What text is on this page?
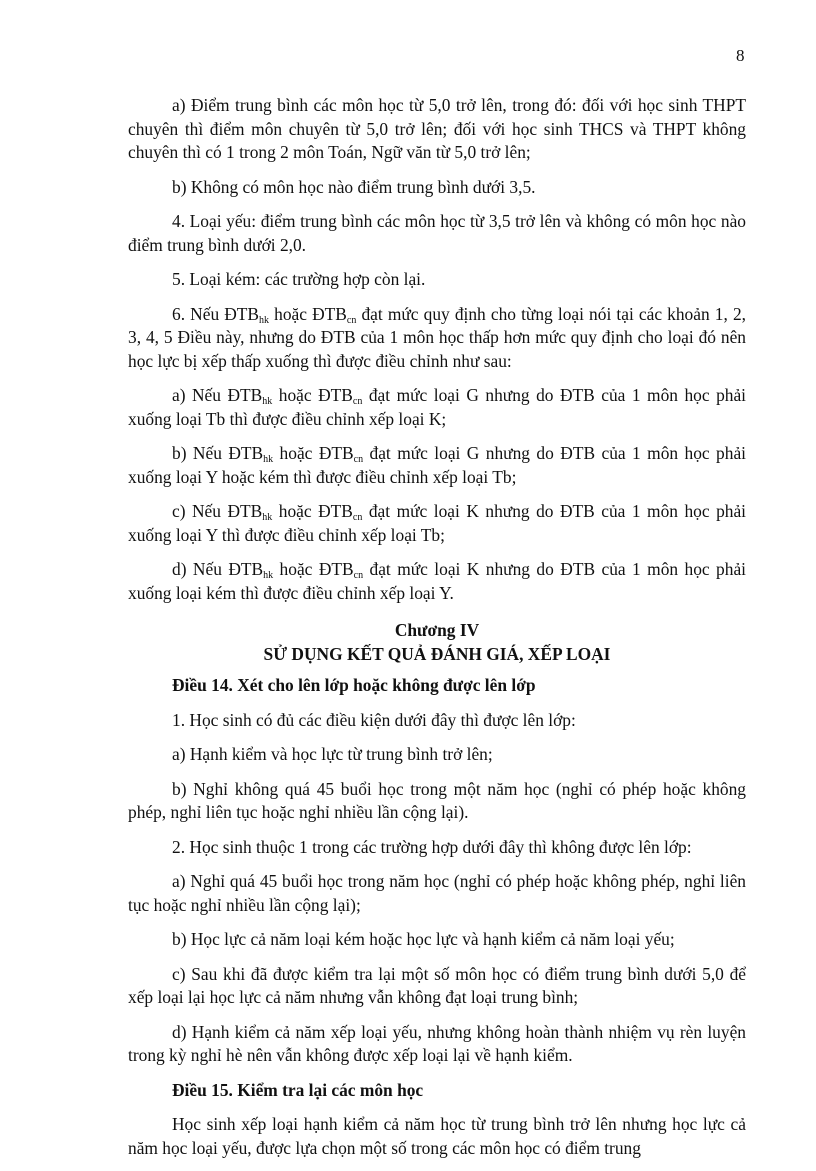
8

a) Điểm trung bình các môn học từ 5,0 trở lên, trong đó: đối với học sinh THPT chuyên thì điểm môn chuyên từ 5,0 trở lên; đối với học sinh THCS và THPT không chuyên thì có 1 trong 2 môn Toán, Ngữ văn từ 5,0 trở lên;

b) Không có môn học nào điểm trung bình dưới 3,5.

4. Loại yếu: điểm trung bình các môn học từ 3,5 trở lên và không có môn học nào điểm trung bình dưới 2,0.

5. Loại kém: các trường hợp còn lại.

6. Nếu $ĐTB_{hk}$ hoặc $ĐTB_{cn}$ đạt mức quy định cho từng loại nói tại các khoản 1, 2, 3, 4, 5 Điều này, nhưng do ĐTB của 1 môn học thấp hơn mức quy định cho loại đó nên học lực bị xếp thấp xuống thì được điều chỉnh như sau:

a) Nếu $ĐTB_{hk}$ hoặc $ĐTB_{cn}$ đạt mức loại G nhưng do ĐTB của 1 môn học phải xuống loại Tb thì được điều chỉnh xếp loại K;

b) Nếu $ĐTB_{hk}$ hoặc $ĐTB_{cn}$ đạt mức loại G nhưng do ĐTB của 1 môn học phải xuống loại Y hoặc kém thì được điều chỉnh xếp loại Tb;

c) Nếu $ĐTB_{hk}$ hoặc $ĐTB_{cn}$ đạt mức loại K nhưng do ĐTB của 1 môn học phải xuống loại Y thì được điều chỉnh xếp loại Tb;

d) Nếu $ĐTB_{hk}$ hoặc $ĐTB_{cn}$ đạt mức loại K nhưng do ĐTB của 1 môn học phải xuống loại kém thì được điều chỉnh xếp loại Y.

Chương IV
SỬ DỤNG KẾT QUẢ ĐÁNH GIÁ, XẾP LOẠI
Điều 14. Xét cho lên lớp hoặc không được lên lớp

1. Học sinh có đủ các điều kiện dưới đây thì được lên lớp:

a) Hạnh kiểm và học lực từ trung bình trở lên;

b) Nghỉ không quá 45 buổi học trong một năm học (nghỉ có phép hoặc không phép, nghỉ liên tục hoặc nghỉ nhiều lần cộng lại).

2. Học sinh thuộc 1 trong các trường hợp dưới đây thì không được lên lớp:

a) Nghỉ quá 45 buổi học trong năm học (nghỉ có phép hoặc không phép, nghỉ liên tục hoặc nghỉ nhiều lần cộng lại);

b) Học lực cả năm loại kém hoặc học lực và hạnh kiểm cả năm loại yếu;

c) Sau khi đã được kiểm tra lại một số môn học có điểm trung bình dưới 5,0 để xếp loại lại học lực cả năm nhưng vẫn không đạt loại trung bình;

d) Hạnh kiểm cả năm xếp loại yếu, nhưng không hoàn thành nhiệm vụ rèn luyện trong kỳ nghỉ hè nên vẫn không được xếp loại lại về hạnh kiểm.

Điều 15. Kiểm tra lại các môn học

Học sinh xếp loại hạnh kiểm cả năm học từ trung bình trở lên nhưng học lực cả năm học loại yếu, được lựa chọn một số trong các môn học có điểm trung
